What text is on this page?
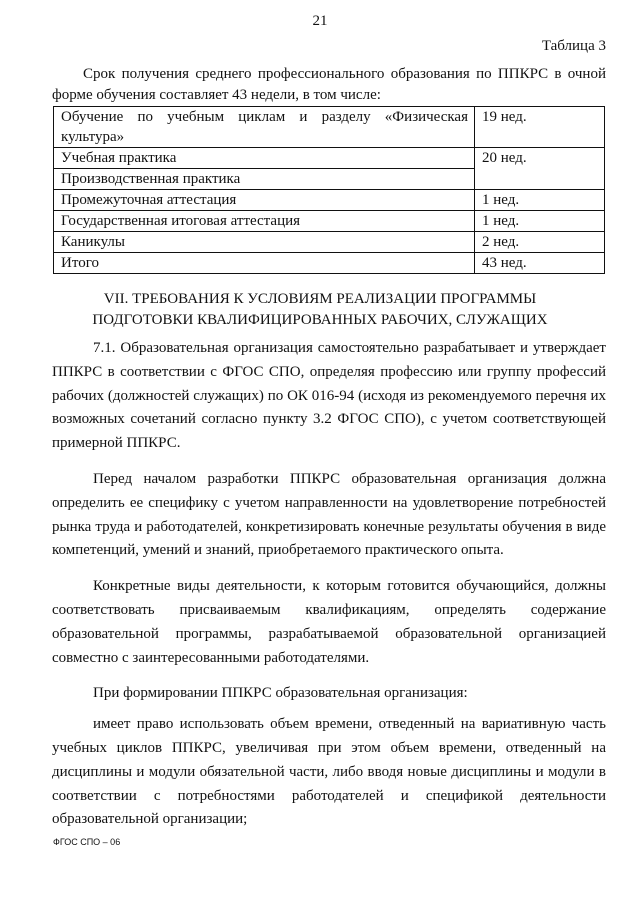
21
Таблица 3

Срок получения среднего профессионального образования по ППКРС в очной форме обучения составляет 43 недели, в том числе:

Обучение по учебным циклам и разделу «Физическая культура»	19 нед.
Учебная практика	20 нед.
Производственная практика	
Промежуточная аттестация	1 нед.
Государственная итоговая аттестация	1 нед.
Каникулы	2 нед.
Итого	43 нед.
VII. ТРЕБОВАНИЯ К УСЛОВИЯМ РЕАЛИЗАЦИИ ПРОГРАММЫ
ПОДГОТОВКИ КВАЛИФИЦИРОВАННЫХ РАБОЧИХ, СЛУЖАЩИХ

7.1. Образовательная организация самостоятельно разрабатывает и утверждает ППКРС в соответствии с ФГОС СПО, определяя профессию или группу профессий рабочих (должностей служащих) по ОК 016-94 (исходя из рекомендуемого перечня их возможных сочетаний согласно пункту 3.2 ФГОС СПО), с учетом соответствующей примерной ППКРС.

Перед началом разработки ППКРС образовательная организация должна определить ее специфику с учетом направленности на удовлетворение потребностей рынка труда и работодателей, конкретизировать конечные результаты обучения в виде компетенций, умений и знаний, приобретаемого практического опыта.

Конкретные виды деятельности, к которым готовится обучающийся, должны соответствовать присваиваемым квалификациям, определять содержание образовательной программы, разрабатываемой образовательной организацией совместно с заинтересованными работодателями.

При формировании ППКРС образовательная организация:

имеет право использовать объем времени, отведенный на вариативную часть учебных циклов ППКРС, увеличивая при этом объем времени, отведенный на дисциплины и модули обязательной части, либо вводя новые дисциплины и модули в соответствии с потребностями работодателей и спецификой деятельности образовательной организации;

ФГОС СПО – 06
